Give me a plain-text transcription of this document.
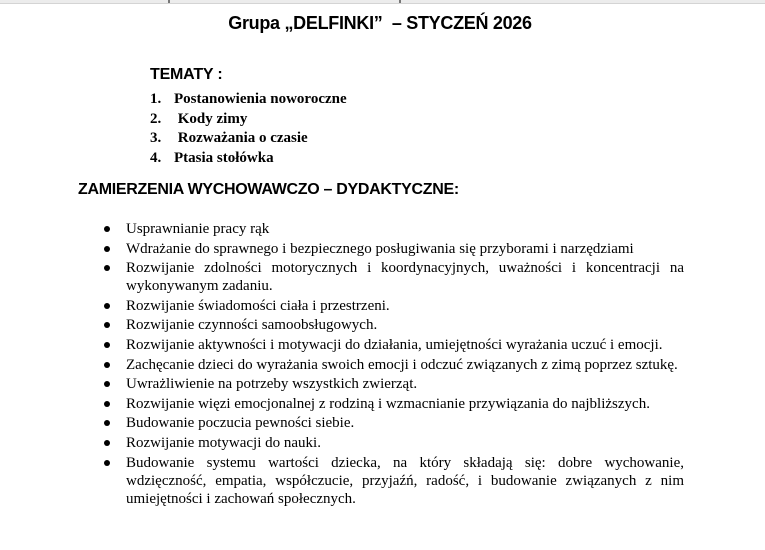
Grupa „DELFINKI”  – STYCZEŃ 2026
TEMATY :
1. Postanowienia noworoczne
2. Kody zimy
3. Rozważania o czasie
4. Ptasia stołówka
ZAMIERZENIA WYCHOWAWCZO – DYDAKTYCZNE:
Usprawnianie pracy rąk
Wdrażanie do sprawnego i bezpiecznego posługiwania się przyborami i narzędziami
Rozwijanie zdolności motorycznych i koordynacyjnych, uważności i koncentracji na wykonywanym zadaniu.
Rozwijanie świadomości ciała i przestrzeni.
Rozwijanie czynności samoobsługowych.
Rozwijanie aktywności i motywacji do działania, umiejętności wyrażania uczuć i emocji.
Zachęcanie dzieci do wyrażania swoich emocji i odczuć związanych z zimą poprzez sztukę.
Uwrażliwienie na potrzeby wszystkich zwierząt.
Rozwijanie więzi emocjonalnej z rodziną i wzmacnianie przywiązania do najbliższych.
Budowanie poczucia pewności siebie.
Rozwijanie motywacji do nauki.
Budowanie systemu wartości dziecka, na który składają się: dobre wychowanie, wdzięczność, empatia, współczucie, przyjaźń, radość, i budowanie związanych z nim umiejętności i zachowań społecznych.
